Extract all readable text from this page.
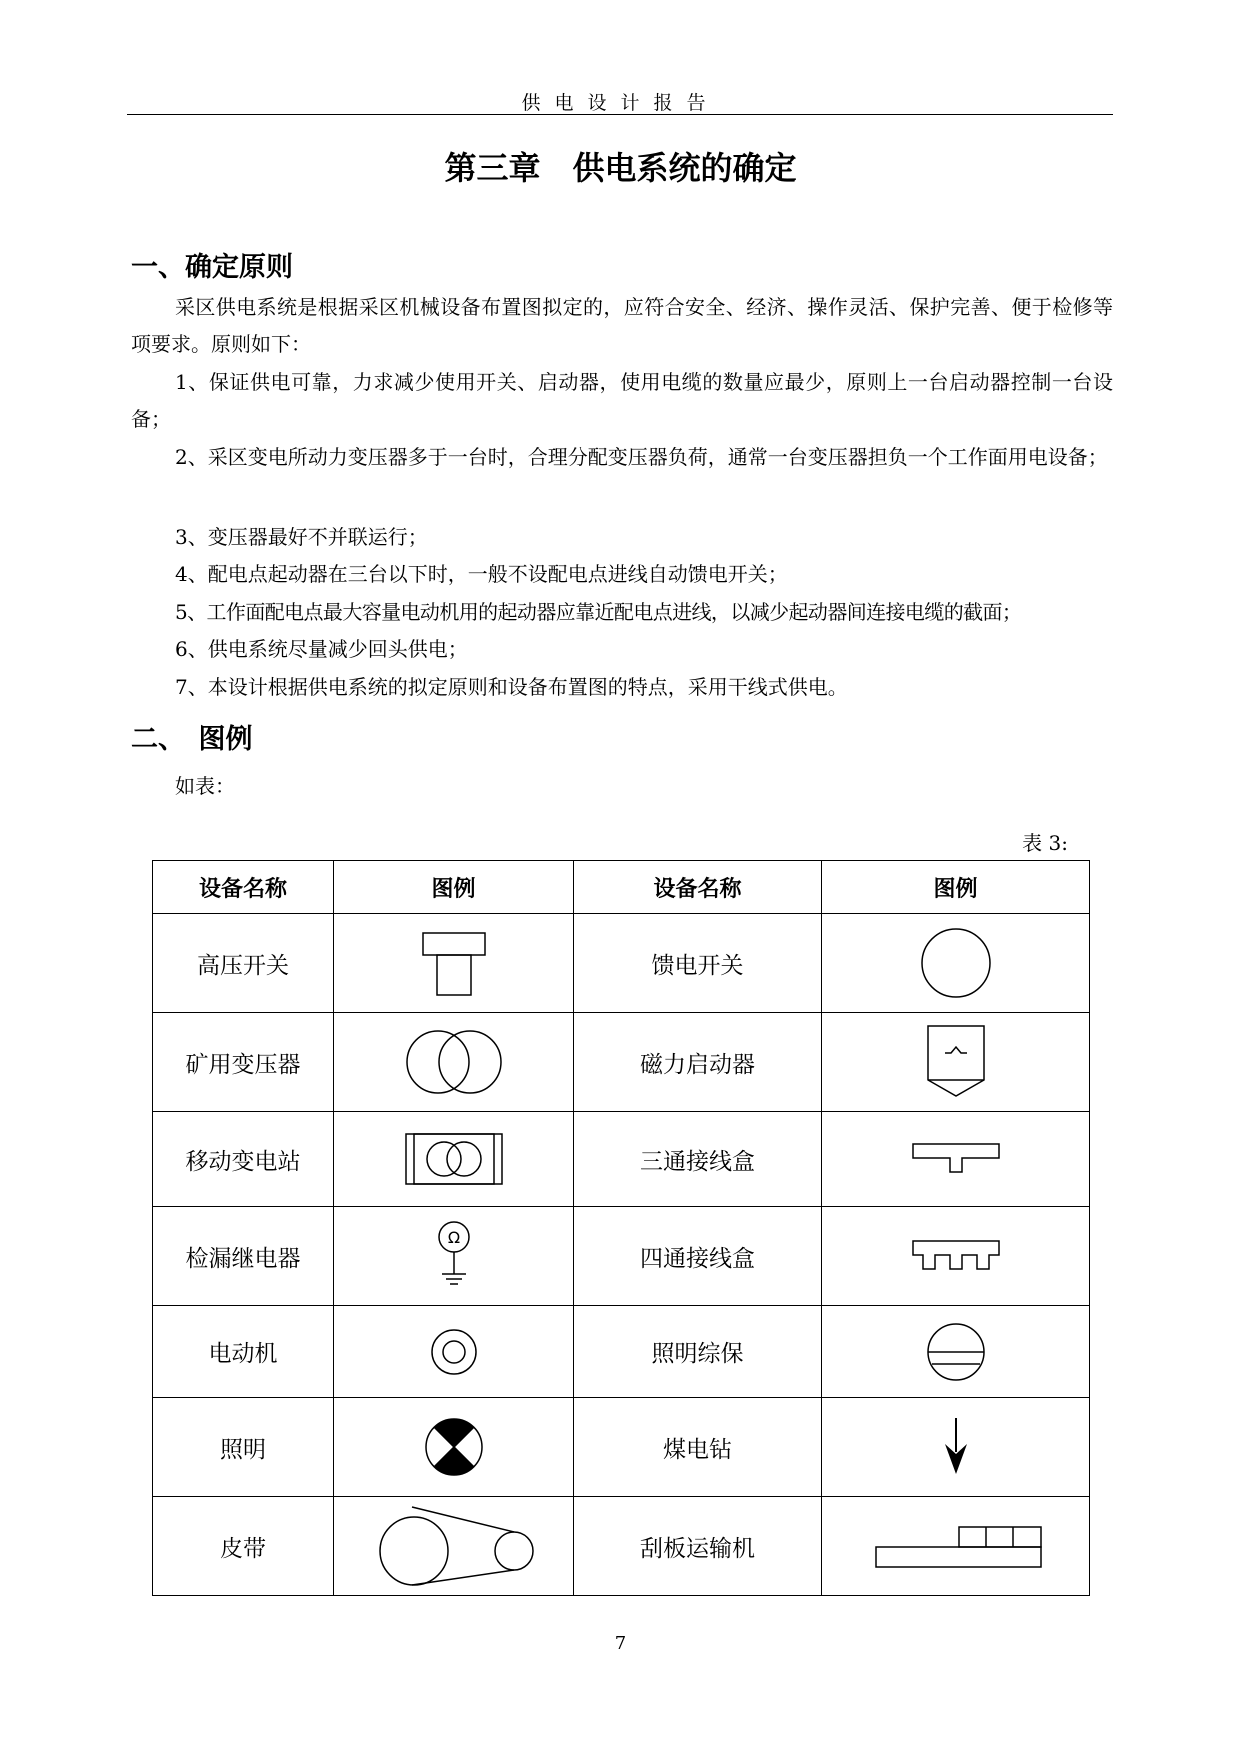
供电设计报告
第三章　供电系统的确定
一、确定原则

采区供电系统是根据采区机械设备布置图拟定的，应符合安全、经济、操作灵活、保护完善、便于检修等项要求。原则如下：

1、保证供电可靠，力求减少使用开关、启动器，使用电缆的数量应最少，原则上一台启动器控制一台设备；

2、采区变电所动力变压器多于一台时，合理分配变压器负荷，通常一台变压器担负一个工作面用电设备；

3、变压器最好不并联运行；
4、配电点起动器在三台以下时，一般不设配电点进线自动馈电开关；
5、工作面配电点最大容量电动机用的起动器应靠近配电点进线，以减少起动器间连接电缆的截面；
6、供电系统尽量减少回头供电；
7、本设计根据供电系统的拟定原则和设备布置图的特点，采用干线式供电。
二、　图例
如表：
表 3:
设备名称	图例	设备名称	图例
高压开关		馈电开关	

矿用变压器		磁力启动器	

移动变电站		三通接线盒	

检漏继电器	Ω	四通接线盒	

电动机		照明综保	

照明		煤电钻	

皮带		刮板运输机	
7
